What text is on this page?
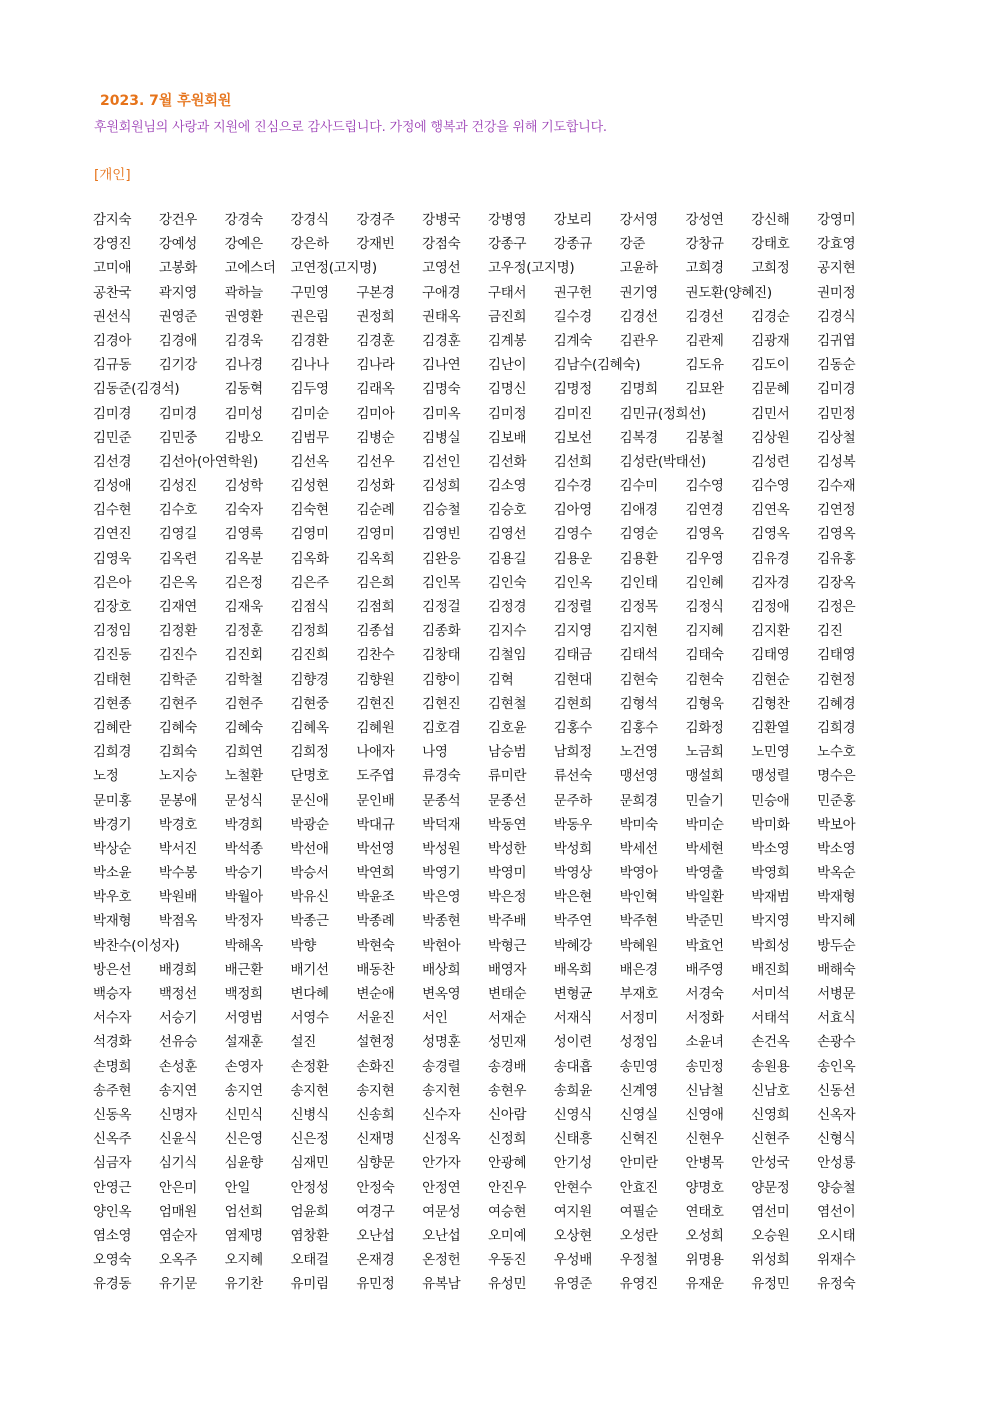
2023. 7월 후원회원
후원회원님의 사랑과 지원에 진심으로 감사드립니다. 가정에 행복과 건강을 위해 기도합니다.
[개인]
감지숙	강건우	강경숙	강경식	강경주	강병국	강병영	강보리	강서영	강성연	강신해	강영미
강영진	강예성	강예은	강은하	강재빈	강점숙	강종구	강종규	강준	강창규	강태호	강효영
고미애	고봉화	고에스더	고연정(고지명)	고영선	고우정(고지명)	고윤하	고희경	고희정	공지현
공찬국	곽지영	곽하늘	구민영	구본경	구애경	구태서	권구헌	권기영	권도환(양혜진)	권미정
권선식	권영준	권영환	권은림	권정희	권태옥	금진희	길수경	김경선	김경선	김경순	김경식
김경아	김경애	김경욱	김경환	김경훈	김경훈	김계봉	김계숙	김관우	김관제	김광재	김귀엽
김규동	김기강	김나경	김나나	김나라	김나연	김난이	김남수(김혜숙)	김도유	김도이	김동순
김동준(김경석)	김동혁	김두영	김래옥	김명숙	김명신	김명정	김명희	김묘완	김문혜	김미경
김미경	김미경	김미성	김미순	김미아	김미옥	김미정	김미진	김민규(정희선)	김민서	김민정
김민준	김민중	김방오	김범무	김병순	김병실	김보배	김보선	김복경	김봉철	김상원	김상철
김선경	김선아(아연학원)	김선옥	김선우	김선인	김선화	김선희	김성란(박태선)	김성련	김성복
김성애	김성진	김성학	김성현	김성화	김성희	김소영	김수경	김수미	김수영	김수영	김수재
김수현	김수호	김숙자	김숙현	김순례	김승철	김승호	김아영	김애경	김연경	김연옥	김연정
김연진	김영길	김영록	김영미	김영미	김영빈	김영선	김영수	김영순	김영옥	김영옥	김영옥
김영욱	김옥련	김옥분	김옥화	김옥희	김완응	김용길	김용운	김용환	김우영	김유경	김유홍
김은아	김은옥	김은정	김은주	김은희	김인목	김인숙	김인옥	김인태	김인혜	김자경	김장옥
김장호	김재연	김재욱	김점식	김점희	김정걸	김정경	김정렬	김정목	김정식	김정애	김정은
김정임	김정환	김정훈	김정희	김종섭	김종화	김지수	김지영	김지현	김지혜	김지환	김진
김진동	김진수	김진회	김진희	김찬수	김창태	김철임	김태금	김태석	김태숙	김태영	김태영
김태현	김학준	김학철	김향경	김향원	김향이	김혁	김현대	김현숙	김현숙	김현순	김현정
김현종	김현주	김현주	김현중	김현진	김현진	김현철	김현희	김형석	김형욱	김형찬	김혜경
김혜란	김혜숙	김혜숙	김혜옥	김혜원	김호겸	김호윤	김홍수	김홍수	김화정	김환열	김희경
김희경	김희숙	김희연	김희정	나애자	나영	남승범	남희정	노건영	노금희	노민영	노수호
노정	노지승	노철환	단명호	도주엽	류경숙	류미란	류선숙	맹선영	맹설희	맹성렬	명수은
문미홍	문봉애	문성식	문신애	문인배	문종석	문종선	문주하	문희경	민슬기	민승애	민준홍
박경기	박경호	박경희	박광순	박대규	박덕재	박동연	박동우	박미숙	박미순	박미화	박보아
박상순	박서진	박석종	박선애	박선영	박성원	박성한	박성희	박세선	박세현	박소영	박소영
박소윤	박수봉	박승기	박승서	박연희	박영기	박영미	박영상	박영아	박영출	박영희	박옥순
박우호	박원배	박월아	박유신	박윤조	박은영	박은정	박은현	박인혁	박일환	박재범	박재형
박재형	박점옥	박정자	박종근	박종례	박종현	박주배	박주연	박주현	박준민	박지영	박지혜
박찬수(이성자)	박해옥	박향	박현숙	박현아	박형근	박혜강	박혜원	박효언	박희성	방두순
방은선	배경희	배근환	배기선	배동찬	배상희	배영자	배옥희	배은경	배주영	배진희	배해숙
백승자	백정선	백정희	변다혜	변순애	변옥영	변태순	변형균	부재호	서경숙	서미석	서병문
서수자	서승기	서영범	서영수	서윤진	서인	서재순	서재식	서정미	서정화	서태석	서효식
석경화	선유승	설재훈	설진	설현정	성명훈	성민재	성이련	성정임	소윤녀	손건옥	손광수
손명희	손성훈	손영자	손정환	손화진	송경렬	송경배	송대흡	송민영	송민정	송원용	송인옥
송주현	송지연	송지연	송지현	송지현	송지현	송현우	송희윤	신계영	신남철	신남호	신동선
신동옥	신명자	신민식	신병식	신송희	신수자	신아람	신영식	신영실	신영애	신영희	신옥자
신옥주	신윤식	신은영	신은정	신재명	신정옥	신정희	신태흥	신혁진	신현우	신현주	신형식
심금자	심기식	심윤향	심재민	심향문	안가자	안광혜	안기성	안미란	안병목	안성국	안성룡
안영근	안은미	안일	안정성	안정숙	안정연	안진우	안현수	안효진	양명호	양문정	양승철
양인옥	엄매원	엄선희	엄윤희	여경구	여문성	여승현	여지원	여필순	연태호	염선미	염선이
염소영	염순자	염제명	염창환	오난섭	오난섭	오미예	오상현	오성란	오성희	오승원	오시태
오영숙	오옥주	오지혜	오태걸	온재경	온정헌	우동진	우성배	우정철	위명용	위성희	위재수
유경동	유기문	유기찬	유미림	유민정	유복남	유성민	유영준	유영진	유재운	유정민	유정숙
